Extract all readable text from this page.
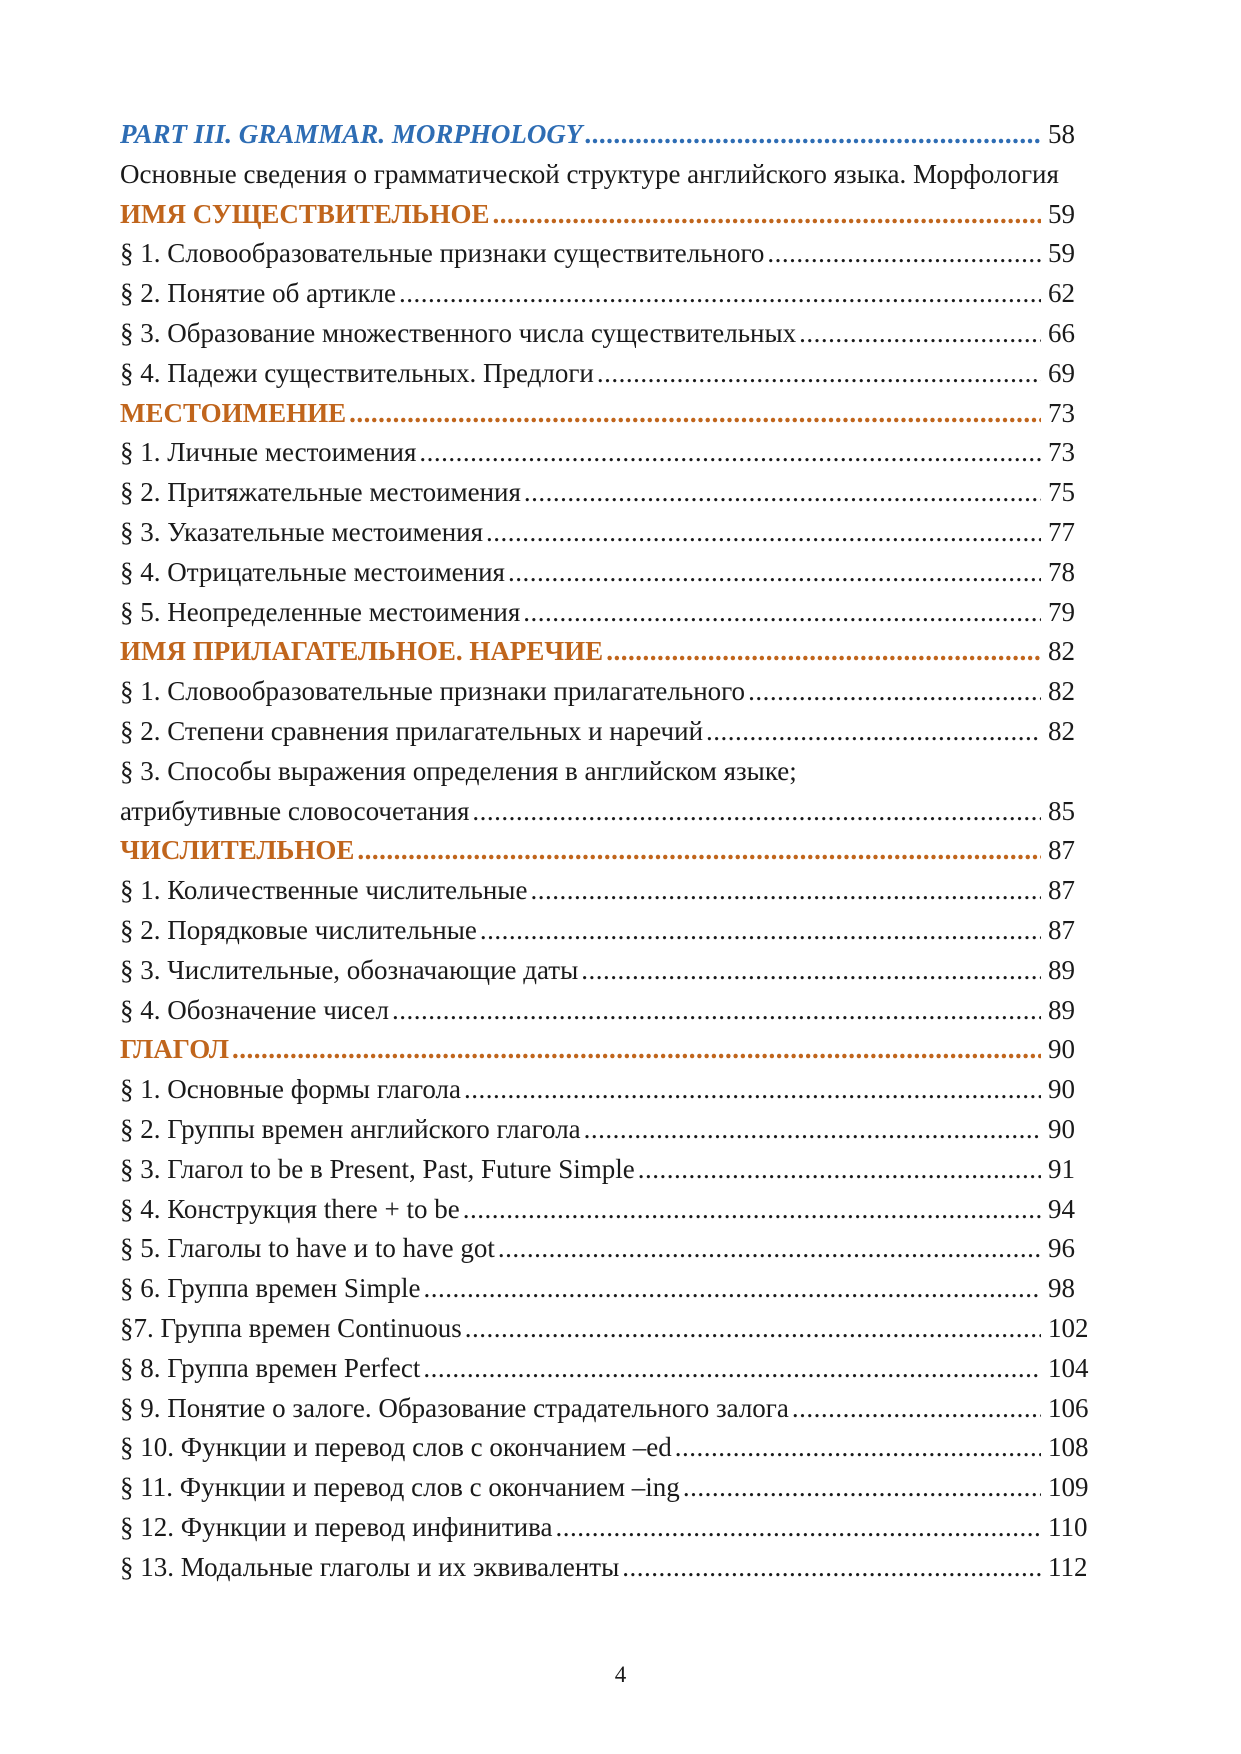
PART III. GRAMMAR. MORPHOLOGY .....	58
Основные сведения о грамматической структуре английского языка. Морфология
ИМЯ СУЩЕСТВИТЕЛЬНОЕ .....	59
§ 1. Словообразовательные признаки существительного .....	59
§ 2. Понятие об артикле .....	62
§ 3. Образование множественного числа существительных .....	66
§ 4. Падежи существительных. Предлоги .....	69
МЕСТОИМЕНИЕ .....	73
§ 1. Личные местоимения .....	73
§ 2. Притяжательные местоимения .....	75
§ 3. Указательные местоимения .....	77
§ 4. Отрицательные местоимения .....	78
§ 5. Неопределенные местоимения .....	79
ИМЯ ПРИЛАГАТЕЛЬНОЕ. НАРЕЧИЕ .....	82
§ 1. Словообразовательные признаки прилагательного .....	82
§ 2. Степени сравнения прилагательных и наречий .....	82
§ 3. Способы выражения определения в английском языке;
атрибутивные словосочетания .....	85
ЧИСЛИТЕЛЬНОЕ .....	87
§ 1. Количественные числительные .....	87
§ 2. Порядковые числительные .....	87
§ 3. Числительные, обозначающие даты .....	89
§ 4. Обозначение чисел .....	89
ГЛАГОЛ .....	90
§ 1. Основные формы глагола .....	90
§ 2. Группы времен английского глагола .....	90
§ 3. Глагол to be в Present, Past, Future Simple .....	91
§ 4. Конструкция there + to be .....	94
§ 5. Глаголы to have и to have got .....	96
§ 6. Группа времен Simple .....	98
§7. Группа времен Continuous .....	102
§ 8. Группа времен Perfect .....	104
§ 9. Понятие о залоге. Образование страдательного залога .....	106
§ 10. Функции и перевод слов с окончанием –ed .....	108
§ 11. Функции и перевод слов с окончанием –ing .....	109
§ 12. Функции и перевод инфинитива .....	110
§ 13. Модальные глаголы и их эквиваленты .....	112
4
